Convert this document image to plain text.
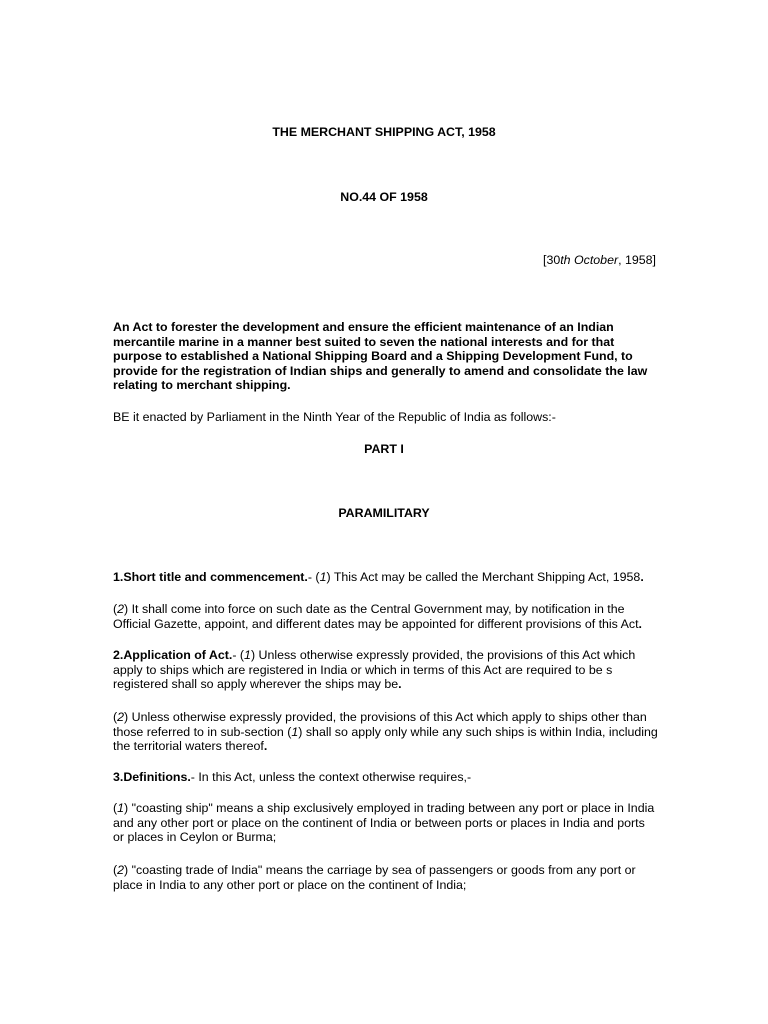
THE MERCHANT SHIPPING ACT, 1958
NO.44 OF 1958
[30th October, 1958]
An Act to forester the development and ensure the efficient maintenance of an Indian mercantile marine in a manner best suited to seven the national interests and for that purpose to established a National Shipping Board and a Shipping Development Fund, to provide for the registration of Indian ships and generally to amend and consolidate the law relating to merchant shipping.
BE it enacted by Parliament in the Ninth Year of the Republic of India as follows:-
PART I
PARAMILITARY
1.Short title and commencement.- (1) This Act may be called the Merchant Shipping Act, 1958.
(2) It shall come into force on such date as the Central Government may, by notification in the Official Gazette, appoint, and different dates may be appointed for different provisions of this Act.
2.Application of Act.- (1) Unless otherwise expressly provided, the provisions of this Act which apply to ships which are registered in India or which in terms of this Act are required to be s registered shall so apply wherever the ships may be.
(2) Unless otherwise expressly provided, the provisions of this Act which apply to ships other than those referred to in sub-section (1) shall so apply only while any such ships is within India, including the territorial waters thereof.
3.Definitions.- In this Act, unless the context otherwise requires,-
(1) "coasting ship" means a ship exclusively employed in trading between any port or place in India and any other port or place on the continent of India or between ports or places in India and ports or places in Ceylon or Burma;
(2) "coasting trade of India" means the carriage by sea of passengers or goods from any port or place in India to any other port or place on the continent of India;
